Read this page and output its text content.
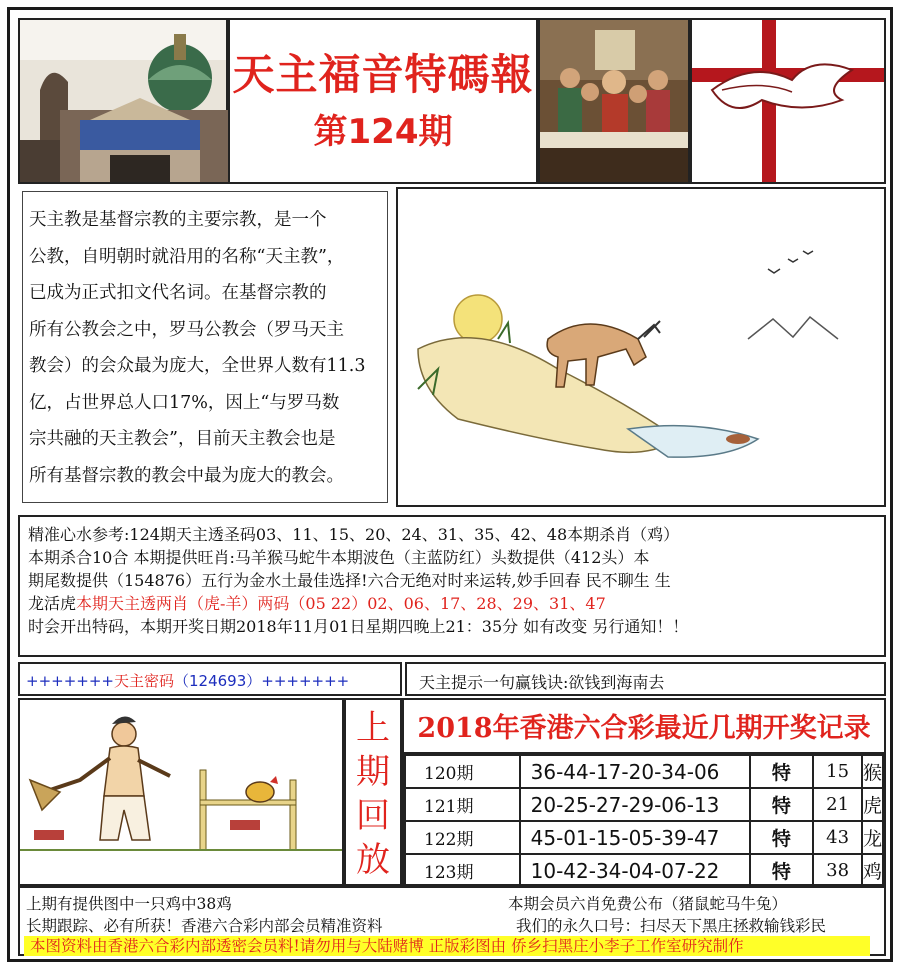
天主福音特碼報
第124期

天主教是基督宗教的主要宗教，是一个

公教，自明朝时就沿用的名称“天主教”，

已成为正式扣文代名词。在基督宗教的

所有公教会之中，罗马公教会（罗马天主

教会）的会众最为庞大，全世界人数有11.3

亿，占世界总人口17%，因上“与罗马数

宗共融的天主教会”，目前天主教会也是

所有基督宗教的教会中最为庞大的教会。

精准心水参考:124期天主透圣码03、11、15、20、24、31、35、42、48本期杀肖（鸡）
本期杀合10合 本期提供旺肖:马羊猴马蛇牛本期波色（主蓝防红）头数提供（412头）本
期尾数提供（154876）五行为金水土最佳选择!六合无绝对时来运转,妙手回春 民不聊生 生
龙活虎本期天主透两肖（虎-羊）两码（05 22）02、06、17、28、29、31、47
时会开出特码，本期开奖日期2018年11月01日星期四晚上21：35分 如有改变 另行通知！！
+++++++天主密码（124693）+++++++	天主提示一句赢钱诀:欲钱到海南去
上
期
回
放
2018年香港六合彩最近几期开奖记录
120期	36-44-17-20-34-06	特	15	猴
121期	20-25-27-29-06-13	特	21	虎
122期	45-01-15-05-39-47	特	43	龙
123期	10-42-34-04-07-22	特	38	鸡
上期有提供图中一只鸡中38鸡	本期会员六肖免费公布（猪鼠蛇马牛兔）
长期跟踪、必有所获！香港六合彩内部会员精准资料	我们的永久口号：扫尽天下黑庄拯救输钱彩民
本图资料由香港六合彩内部透密会员料!请勿用与大陆赌博 正版彩图由 侨乡扫黑庄小李子工作室研究制作
